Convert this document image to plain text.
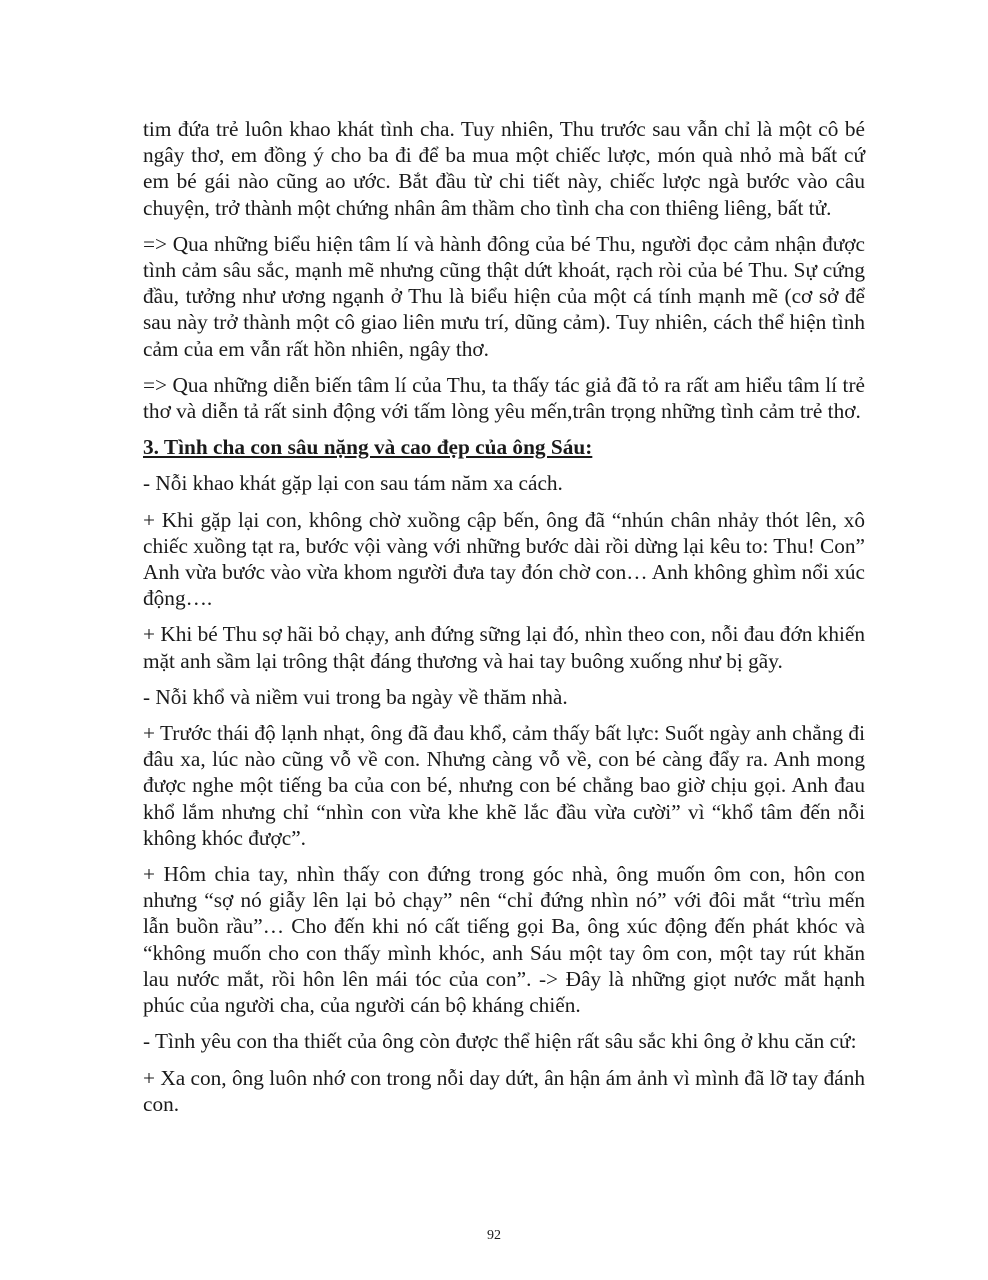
tim đứa trẻ luôn khao khát tình cha. Tuy nhiên, Thu trước sau vẫn chỉ là một cô bé ngây thơ, em đồng ý cho ba đi để ba mua một chiếc lược, món quà nhỏ mà bất cứ em bé gái nào cũng ao ước. Bắt đầu từ chi tiết này, chiếc lược ngà bước vào câu chuyện, trở thành một chứng nhân âm thầm cho tình cha con thiêng liêng, bất tử.

=> Qua những biểu hiện tâm lí và hành đông của bé Thu, người đọc cảm nhận được tình cảm sâu sắc, mạnh mẽ nhưng cũng thật dứt khoát, rạch ròi của bé Thu. Sự cứng đầu, tưởng như ương ngạnh ở Thu là biểu hiện của một cá tính mạnh mẽ (cơ sở để sau này trở thành một cô giao liên mưu trí, dũng cảm). Tuy nhiên, cách thể hiện tình cảm của em vẫn rất hồn nhiên, ngây thơ.

=> Qua những diễn biến tâm lí của Thu, ta thấy tác giả đã tỏ ra rất am hiểu tâm lí trẻ thơ và diễn tả rất sinh động với tấm lòng yêu mến,trân trọng những tình cảm trẻ thơ.

3. Tình cha con sâu nặng và cao đẹp của ông Sáu:

- Nỗi khao khát gặp lại con sau tám năm xa cách.

+ Khi gặp lại con, không chờ xuồng cập bến, ông đã “nhún chân nhảy thót lên, xô chiếc xuồng tạt ra, bước vội vàng với những bước dài rồi dừng lại kêu to: Thu! Con” Anh vừa bước vào vừa khom người đưa tay đón chờ con… Anh không ghìm nổi xúc động….

+ Khi bé Thu sợ hãi bỏ chạy, anh đứng sững lại đó, nhìn theo con, nỗi đau đớn khiến mặt anh sầm lại trông thật đáng thương và hai tay buông xuống như bị gãy.

- Nỗi khổ và niềm vui trong ba ngày về thăm nhà.

+ Trước thái độ lạnh nhạt, ông đã đau khổ, cảm thấy bất lực: Suốt ngày anh chẳng đi đâu xa, lúc nào cũng vỗ về con. Nhưng càng vỗ về, con bé càng đẩy ra. Anh mong được nghe một tiếng ba của con bé, nhưng con bé chẳng bao giờ chịu gọi. Anh đau khổ lắm nhưng chỉ “nhìn con vừa khe khẽ lắc đầu vừa cười” vì “khổ tâm đến nỗi không khóc được”.

+ Hôm chia tay, nhìn thấy con đứng trong góc nhà, ông muốn ôm con, hôn con nhưng “sợ nó giẫy lên lại bỏ chạy” nên “chỉ đứng nhìn nó” với đôi mắt “trìu mến lẫn buồn rầu”… Cho đến khi nó cất tiếng gọi Ba, ông xúc động đến phát khóc và “không muốn cho con thấy mình khóc, anh Sáu một tay ôm con, một tay rút khăn lau nước mắt, rồi hôn lên mái tóc của con”. -> Đây là những giọt nước mắt hạnh phúc của người cha, của người cán bộ kháng chiến.

- Tình yêu con tha thiết của ông còn được thể hiện rất sâu sắc khi ông ở khu căn cứ:

+ Xa con, ông luôn nhớ con trong nỗi day dứt, ân hận ám ảnh vì mình đã lỡ tay đánh con.

92
